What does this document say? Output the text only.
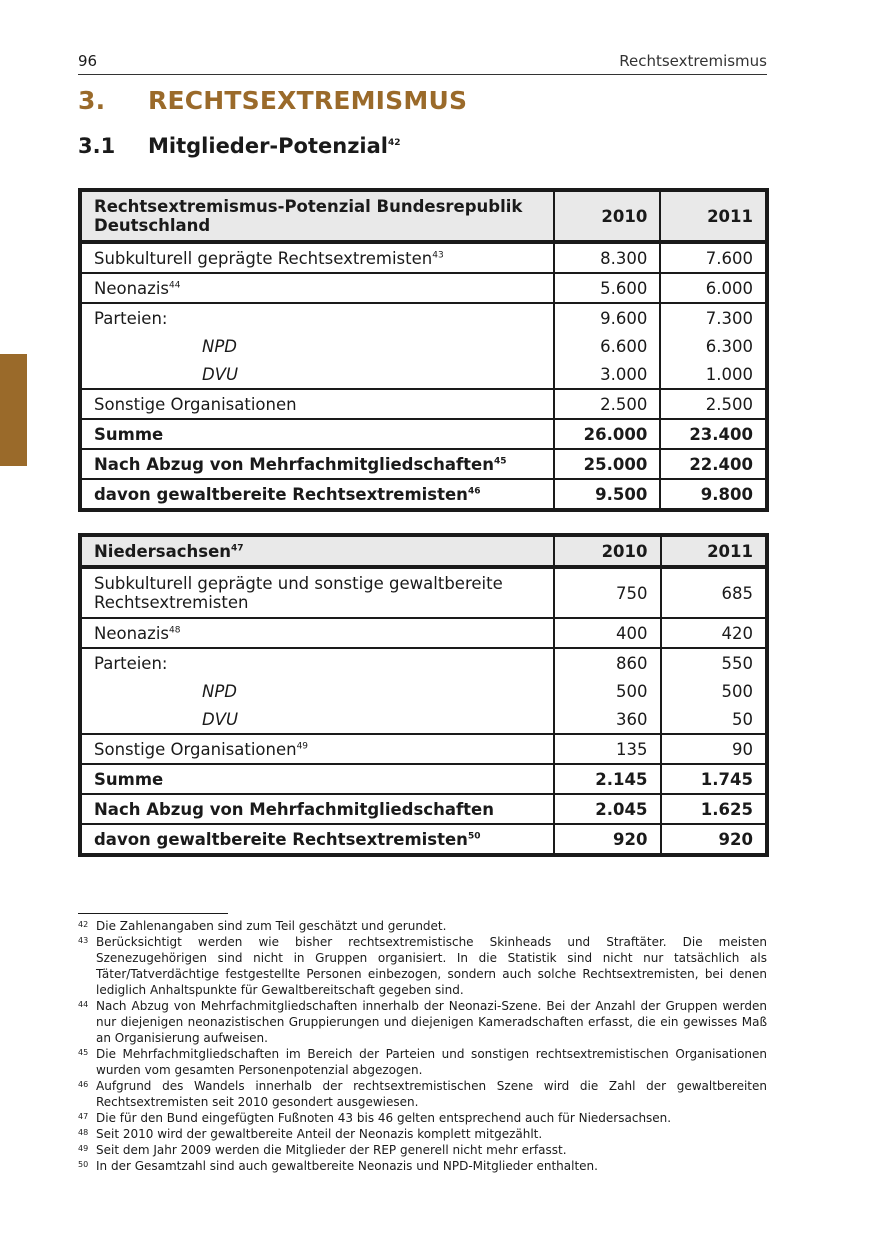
96	Rechtsextremismus
3. RECHTSEXTREMISMUS
3.1 Mitglieder-Potenzial$^{42}$
Rechtsextremismus-Potenzial Bundesrepublik Deutschland	2010	2011
Subkulturell geprägte Rechtsextremisten$^{43}$	8.300	7.600
Neonazis$^{44}$	5.600	6.000
Parteien:	9.600	7.300
NPD	6.600	6.300
DVU	3.000	1.000
Sonstige Organisationen	2.500	2.500
Summe	26.000	23.400
Nach Abzug von Mehrfachmitgliedschaften$^{45}$	25.000	22.400
davon gewaltbereite Rechtsextremisten$^{46}$	9.500	9.800
Niedersachsen$^{47}$	2010	2011
Subkulturell geprägte und sonstige gewaltbereite Rechtsextremisten	750	685
Neonazis$^{48}$	400	420
Parteien:	860	550
NPD	500	500
DVU	360	50
Sonstige Organisationen$^{49}$	135	90
Summe	2.145	1.745
Nach Abzug von Mehrfachmitgliedschaften	2.045	1.625
davon gewaltbereite Rechtsextremisten$^{50}$	920	920
42 Die Zahlenangaben sind zum Teil geschätzt und gerundet.
43 Berücksichtigt werden wie bisher rechtsextremistische Skinheads und Straftäter. Die meisten Szenezugehörigen sind nicht in Gruppen organisiert. In die Statistik sind nicht nur tatsächlich als Täter/Tatverdächtige festgestellte Personen einbezogen, sondern auch solche Rechtsextremisten, bei denen lediglich Anhaltspunkte für Gewaltbereitschaft gegeben sind.
44 Nach Abzug von Mehrfachmitgliedschaften innerhalb der Neonazi-Szene. Bei der Anzahl der Gruppen werden nur diejenigen neonazistischen Gruppierungen und diejenigen Kameradschaften erfasst, die ein gewisses Maß an Organisierung aufweisen.
45 Die Mehrfachmitgliedschaften im Bereich der Parteien und sonstigen rechtsextremistischen Organisationen wurden vom gesamten Personenpotenzial abgezogen.
46 Aufgrund des Wandels innerhalb der rechtsextremistischen Szene wird die Zahl der gewaltbereiten Rechtsextremisten seit 2010 gesondert ausgewiesen.
47 Die für den Bund eingefügten Fußnoten 43 bis 46 gelten entsprechend auch für Niedersachsen.
48 Seit 2010 wird der gewaltbereite Anteil der Neonazis komplett mitgezählt.
49 Seit dem Jahr 2009 werden die Mitglieder der REP generell nicht mehr erfasst.
50 In der Gesamtzahl sind auch gewaltbereite Neonazis und NPD-Mitglieder enthalten.
